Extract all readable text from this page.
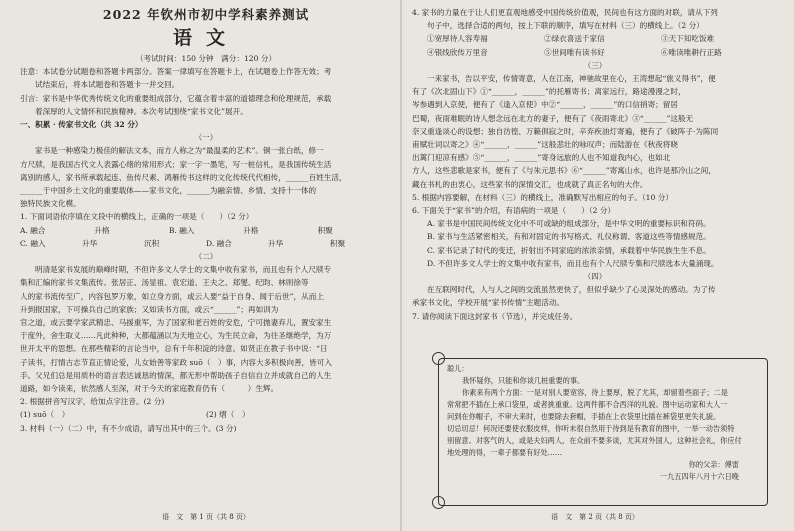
2022 年钦州市初中学科素养测试
语文
（考试时间：150 分钟　满分：120 分）
注意：本试卷分试题卷和答题卡两部分。答案一律填写在答题卡上，在试题卷上作答无效；考
试结束后，将本试题卷和答题卡一并交回。
引言：家书是中华优秀传统文化的重要组成部分，它蕴含着丰富的道德理念和伦理规范，承载
着深厚的人文情怀和民族精神。本次考试围绕“家书文化”展开。
一、积累 · 传家书文化（共 32 分）
（一）
家书是一种感染力极佳的解法文本，而方人称之为“最温柔的艺术”。铜一张白纸，修一
方尺牍，是我国古代文人表露心绪的常用形式；家一字一墨笔，写一桩信札，是我国传统生活
离别的感人，家书所承载起连、鱼传尺素、鸿雁传书这样的文化传统代代相传，______百姓生活，
______于中国乡土文化的重要载体——家书文化，______为融亲情、乡情、支持十一体的
独特民族文化模。
1. 下面词语依序填在文段中的横线上，正确的一项是（　　）（2 分）
A. 融合	升格	B. 融入	升格	积聚
C. 融入	升华	沉积	D. 融合	升华	积聚
（二）
明清是家书发展的巅峰时期，不但许多文人学士的文集中收有家书，而且也有个人尺牍专
集和汇编的家书文集流传。张居正、汤显祖、袁宏道、王夫之、郑燮、纪昀、林则徐等
人的家书流传至广，内容包罗万象，如立身方面，或云人要“益于自身、闻于后世”，从而上
升到报国家，下可操兵自己的家族；又如读书方面，或云“______”；再如训为
官之道，或云要学家武精忠、马援重军，为了国家和老百姓的安危，宁可抛妻弃儿，置安家生
于度外，舍生取义……凡此种种，大都蕴涵以为天地立心，为生民立命，为往圣继绝学，为万
世开太平的思想。在那些精彩的言论当中，总有千年积淀的诗意。如贤正在教子书中说：“日
子读书，打情古志节直正情论爱，儿女始善等家政 suō（　）事，内容大多积极向善，皆可入
手。父兄们总是用质朴的语言表达诚恳的情深，都无形中帮助孩子自信自立并成就自己的人生
道路，如今读来，依然感人至深，对于今天的家庭教育仍有（　　　）生辉。
2. 根据拼音写汉字，给加点字注音。(2 分)
(1) suō（　）	(2) 熠（　）
3. 材料（一）（二）中，有不少成语，请写出其中的三个。(3 分)
语　文　第 1 页（共 8 页）
4. 家书的力量在于让人们更直观地感受中国传统价值观，民间也有这方面的对联，请从下列
句子中，选择合适的两句，按上下联的顺序，填写在材料（三）的横线上。（2 分）
①宽厚待人容寿福	②绿衣喜送千家信	③天下知吃饭难
④银线欣传万里音	⑤世间唯有读书好	⑥唯读唯耕行正路
（三）
一来家书，告以平安，传情寄意，人在江南，神驰故里在心，王湾想起“旅义得书”，便
有了《次北固山下》①“______，______”的托雁寄书；离家远行，路途漫漫之时，
岑参遇到入京使，便有了《逢入京使》中②“______，______”的口信捎寄；留居
巴蜀，夜雨难眠的诗人想念远在北方的妻子，便有了《夜雨寄北》③“______”这般无
奈又重逢谈心的设想；独自彷徨、万籁俱寂之时，辛弃疾油灯寄遍，便有了《破阵子·为陈同
甫赋壮词以寄之》④“______，______”这般悲壮的咏叹声；而陆游在《秋夜将晓
出篱门迎凉有感》⑤“______，______”寄身远旅的人也不知道我内心，也如北
方人，这些悲歌是家书，便有了《与朱元思书》⑥“______”寄寓山水，也许是那冷山之间，
藏在书札的由衷心，这些家书的深情交汇，也成就了真正名句的大作。
5. 根据内容要解，在材料（三）的横线上，准确默写出相应的句子。（10 分）
6. 下面关于“家书”的介绍，有语病的一项是（　　）（2 分）
A. 家书是中国民间传统文化中不可或缺的组成部分，是中华文明的重要标识和符码。
B. 家书与生活紧密相关，有和对固定的书写格式、礼仪称谓、客道这些等情感规范。
C. 家书记录了时代的变迁，折射出不同家庭的浓浓亲情，承载着中华民族生生不息。
D. 不但许多文人学士的文集中收有家书，而且也有个人尺牍专集和尺牍选本大量涌现。
（四）
在互联网时代，人与人之间的交流虽然更快了，但似乎缺少了心灵深处的感动。为了传
承家书文化，学校开展“家书传情”主题活动。
7. 请你阅读下面这封家书（节选），并完成任务。
聪儿：
我怀疑你，只能和你谈几桩重要的事。
你素来有两个方面：一是对别人要宽容，待上要厚，脱了尤其，却留着些面子；二是
常常把不插在上承口袋里，或者挑重重。这两件都不合西洋的礼貌。图中运动家和大人一
问到在你帽子，不审大来时，也要除去套帽，手插在上衣袋里比插在裤袋里更失礼貌。
切忌切忌！何况还要使衣服皮样，你听未很自然用于待到是有教育的图中，一举一动告须特
别留意。对客气的人，或是夫妇两人，在众前不要多谈，尤其对外国人，这种社会礼，你应付
地处理的得，一辈子都要有好处……
你的父亲：傅雷
一九五四年八月十六日晚
语　文　第 2 页（共 8 页）
